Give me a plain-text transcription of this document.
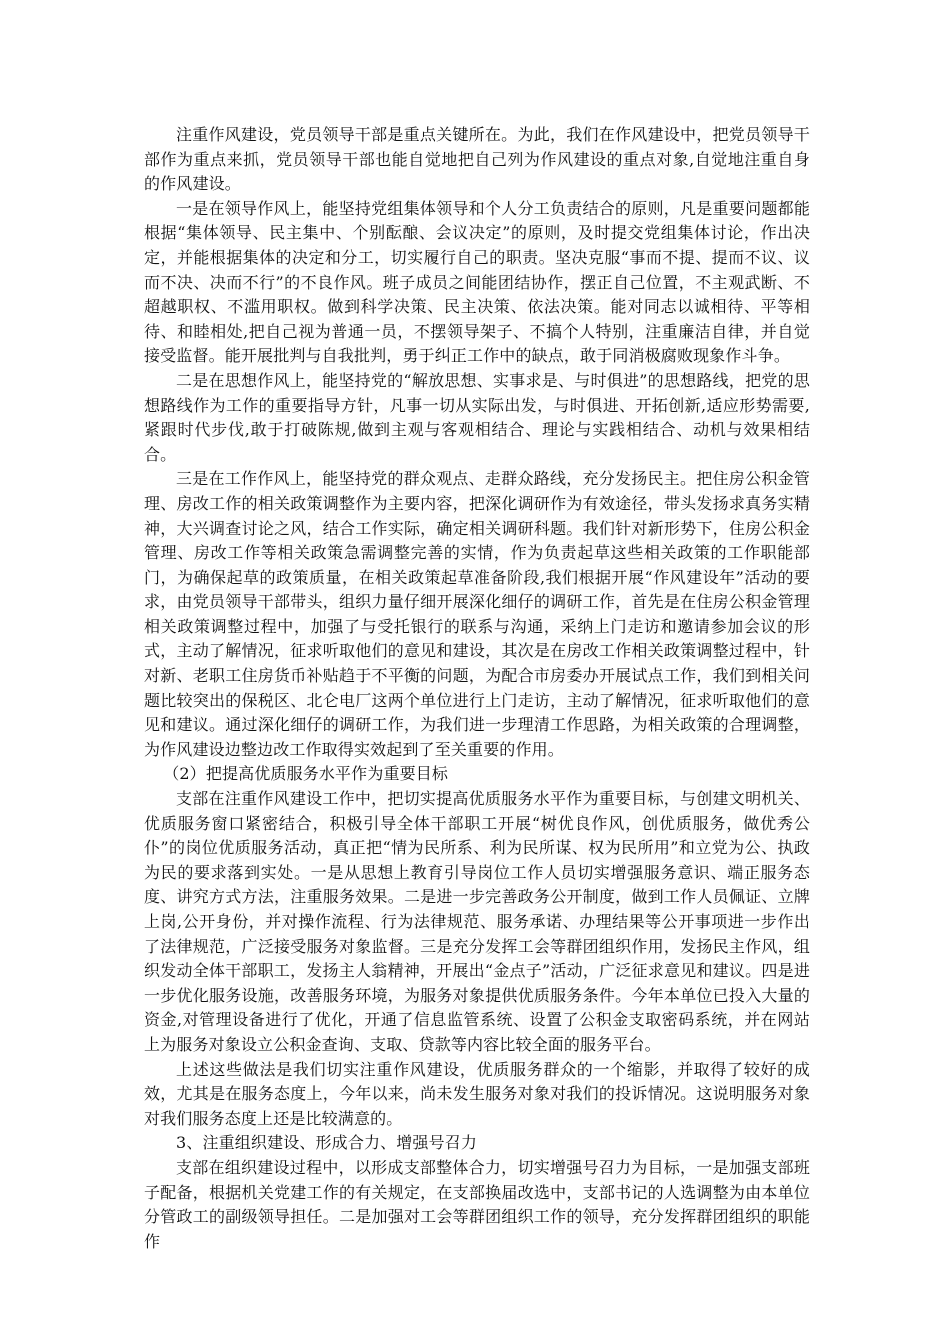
注重作风建设，党员领导干部是重点关键所在。为此，我们在作风建设中，把党员领导干部作为重点来抓，党员领导干部也能自觉地把自己列为作风建设的重点对象,自觉地注重自身的作风建设。

一是在领导作风上，能坚持党组集体领导和个人分工负责结合的原则，凡是重要问题都能根据“集体领导、民主集中、个别酝酿、会议决定”的原则，及时提交党组集体讨论，作出决定，并能根据集体的决定和分工，切实履行自己的职责。坚决克服“事而不提、提而不议、议而不决、决而不行”的不良作风。班子成员之间能团结协作，摆正自己位置，不主观武断、不超越职权、不滥用职权。做到科学决策、民主决策、依法决策。能对同志以诚相待、平等相待、和睦相处,把自己视为普通一员，不摆领导架子、不搞个人特别，注重廉洁自律，并自觉接受监督。能开展批判与自我批判，勇于纠正工作中的缺点，敢于同消极腐败现象作斗争。

二是在思想作风上，能坚持党的“解放思想、实事求是、与时俱进”的思想路线，把党的思想路线作为工作的重要指导方针，凡事一切从实际出发，与时俱进、开拓创新,适应形势需要,紧跟时代步伐,敢于打破陈规,做到主观与客观相结合、理论与实践相结合、动机与效果相结合。

三是在工作作风上，能坚持党的群众观点、走群众路线，充分发扬民主。把住房公积金管理、房改工作的相关政策调整作为主要内容，把深化调研作为有效途径，带头发扬求真务实精神，大兴调查讨论之风，结合工作实际，确定相关调研科题。我们针对新形势下，住房公积金管理、房改工作等相关政策急需调整完善的实情，作为负责起草这些相关政策的工作职能部门，为确保起草的政策质量，在相关政策起草准备阶段,我们根据开展“作风建设年”活动的要求，由党员领导干部带头，组织力量仔细开展深化细仔的调研工作，首先是在住房公积金管理相关政策调整过程中，加强了与受托银行的联系与沟通，采纳上门走访和邀请参加会议的形式，主动了解情况，征求听取他们的意见和建设，其次是在房改工作相关政策调整过程中，针对新、老职工住房货币补贴趋于不平衡的问题，为配合市房委办开展试点工作，我们到相关问题比较突出的保税区、北仑电厂这两个单位进行上门走访，主动了解情况，征求听取他们的意见和建议。通过深化细仔的调研工作，为我们进一步理清工作思路，为相关政策的合理调整，为作风建设边整边改工作取得实效起到了至关重要的作用。

（2）把提高优质服务水平作为重要目标

支部在注重作风建设工作中，把切实提高优质服务水平作为重要目标，与创建文明机关、优质服务窗口紧密结合，积极引导全体干部职工开展“树优良作风，创优质服务，做优秀公仆”的岗位优质服务活动，真正把“情为民所系、利为民所谋、权为民所用”和立党为公、执政为民的要求落到实处。一是从思想上教育引导岗位工作人员切实增强服务意识、端正服务态度、讲究方式方法，注重服务效果。二是进一步完善政务公开制度，做到工作人员佩证、立牌上岗,公开身份，并对操作流程、行为法律规范、服务承诺、办理结果等公开事项进一步作出了法律规范，广泛接受服务对象监督。三是充分发挥工会等群团组织作用，发扬民主作风，组织发动全体干部职工，发扬主人翁精神，开展出“金点子”活动，广泛征求意见和建议。四是进一步优化服务设施，改善服务环境，为服务对象提供优质服务条件。今年本单位已投入大量的资金,对管理设备进行了优化，开通了信息监管系统、设置了公积金支取密码系统，并在网站上为服务对象设立公积金查询、支取、贷款等内容比较全面的服务平台。

上述这些做法是我们切实注重作风建设，优质服务群众的一个缩影，并取得了较好的成效，尤其是在服务态度上，今年以来，尚未发生服务对象对我们的投诉情况。这说明服务对象对我们服务态度上还是比较满意的。

3、注重组织建设、形成合力、增强号召力

支部在组织建设过程中，以形成支部整体合力，切实增强号召力为目标，一是加强支部班子配备，根据机关党建工作的有关规定，在支部换届改选中，支部书记的人选调整为由本单位分管政工的副级领导担任。二是加强对工会等群团组织工作的领导，充分发挥群团组织的职能作
